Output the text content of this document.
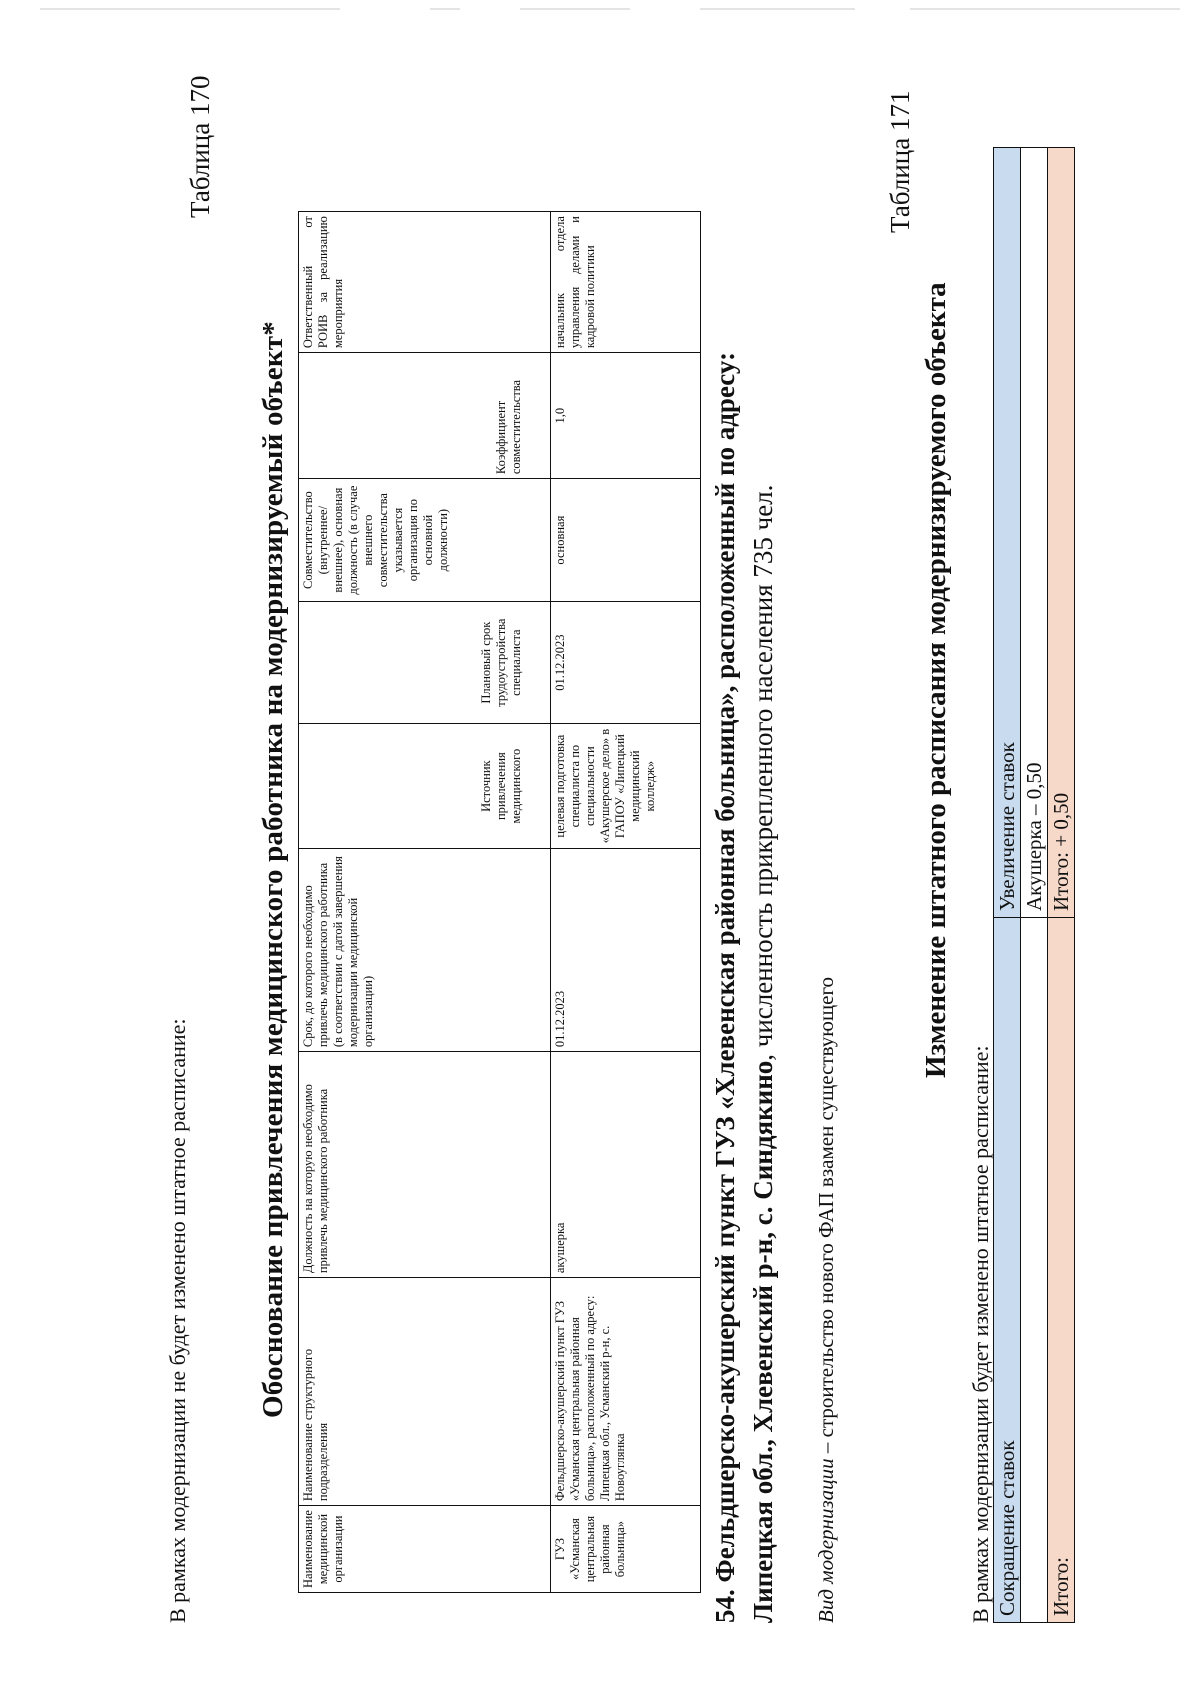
В рамках модернизации не будет изменено штатное расписание:
Таблица 170
Обоснование привлечения медицинского работника на модернизируемый объект*
Наименование медицинской организации	Наименование структурного подразделения	Должность на которую необходимо привлечь медицинского работника	Срок, до которого необходимо привлечь медицинского работника (в соответствии с датой завершения модернизации медицинской организации)	Источник привлечения медицинского	Плановый срок трудоустройства специалиста	Совместительство (внутреннее/внешнее), основная должность (в случае внешнего совместительства указывается организация по основной должности)	Коэффициент совместительства	Ответственный от РОИВ за реализацию мероприятия
ГУЗ «Усманская центральная районная больница»	Фельдшерско-акушерский пункт ГУЗ «Усманская центральная районная больница», расположенный по адресу: Липецкая обл., Усманский р-н, с. Новоуглянка	акушерка	01.12.2023	целевая подготовка специалиста по специальности «Акушерское дело» в ГАПОУ «Липецкий медицинский колледж»	01.12.2023	основная	1,0	начальник отдела управления делами и кадровой политики
54. Фельдшерско-акушерский пункт ГУЗ «Хлевенская районная больница», расположенный по адресу: Липецкая обл., Хлевенский р-н, с. Синдякино, численность прикрепленного населения 735 чел.
Вид модернизации – строительство нового ФАП взамен существующего
Таблица 171
Изменение штатного расписания модернизируемого объекта
В рамках модернизации будет изменено штатное расписание: Сокращение ставок	Увеличение ставок
	Акушерка – 0,50
Итого:	Итого: + 0,50
